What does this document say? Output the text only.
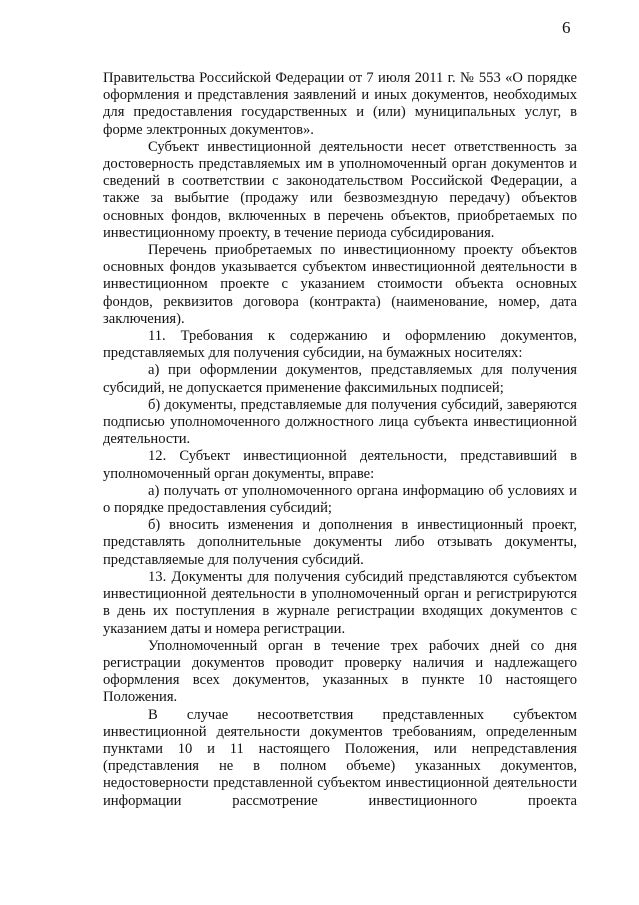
6

Правительства Российской Федерации от 7 июля 2011 г. № 553 «О порядке оформления и представления заявлений и иных документов, необходимых для предоставления государственных и (или) муниципальных услуг, в форме электронных документов».

Субъект инвестиционной деятельности несет ответственность за достоверность представляемых им в уполномоченный орган документов и сведений в соответствии с законодательством Российской Федерации, а также за выбытие (продажу или безвозмездную передачу) объектов основных фондов, включенных в перечень объектов, приобретаемых по инвестиционному проекту, в течение периода субсидирования.

Перечень приобретаемых по инвестиционному проекту объектов основных фондов указывается субъектом инвестиционной деятельности в инвестиционном проекте с указанием стоимости объекта основных фондов, реквизитов договора (контракта) (наименование, номер, дата заключения).

11. Требования к содержанию и оформлению документов, представляемых для получения субсидии, на бумажных носителях:

а) при оформлении документов, представляемых для получения субсидий, не допускается применение факсимильных подписей;

б) документы, представляемые для получения субсидий, заверяются подписью уполномоченного должностного лица субъекта инвестиционной деятельности.

12. Субъект инвестиционной деятельности, представивший в уполномоченный орган документы, вправе:

а) получать от уполномоченного органа информацию об условиях и о порядке предоставления субсидий;

б) вносить изменения и дополнения в инвестиционный проект, представлять дополнительные документы либо отзывать документы, представляемые для получения субсидий.

13. Документы для получения субсидий представляются субъектом инвестиционной деятельности в уполномоченный орган и регистрируются в день их поступления в журнале регистрации входящих документов с указанием даты и номера регистрации.

Уполномоченный орган в течение трех рабочих дней со дня регистрации документов проводит проверку наличия и надлежащего оформления всех документов, указанных в пункте 10 настоящего Положения.

В случае несоответствия представленных субъектом инвестиционной деятельности документов требованиям, определенным пунктами 10 и 11 настоящего Положения, или непредставления (представления не в полном объеме) указанных документов, недостоверности представленной субъектом инвестиционной деятельности информации рассмотрение инвестиционного проекта
